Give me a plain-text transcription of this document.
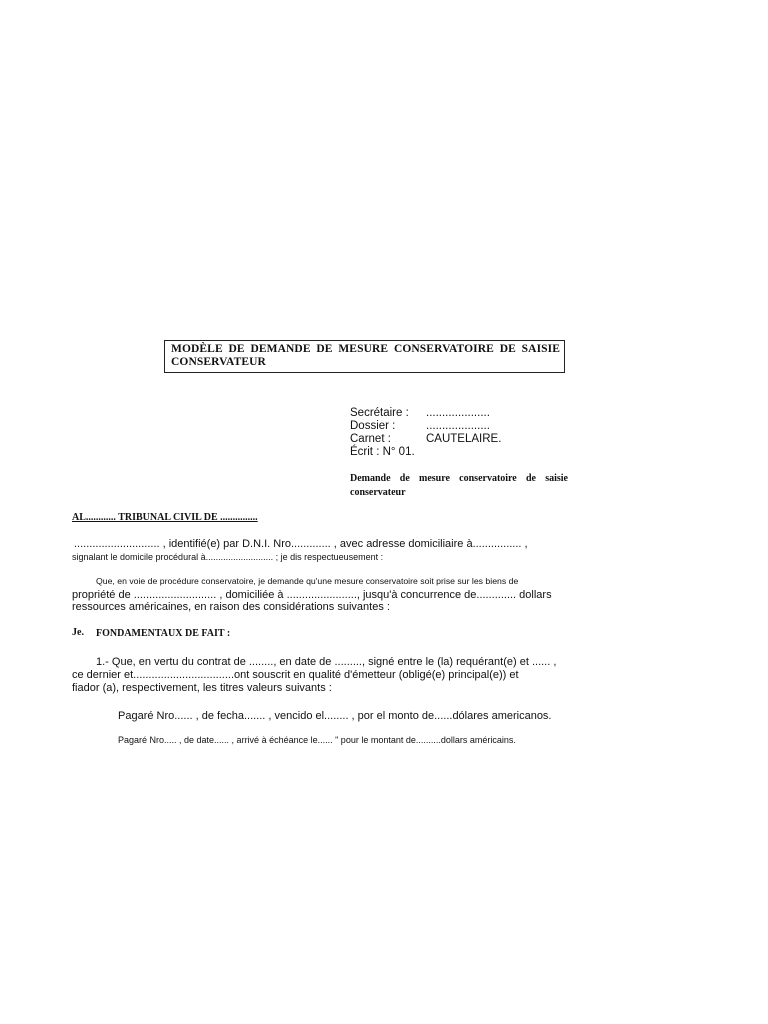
MODÈLE DE DEMANDE DE MESURE CONSERVATOIRE DE SAISIE
CONSERVATEUR
Secrétaire : ....................
Dossier :	....................
Carnet :	CAUTELAIRE.
Écrit : N° 01.
Demande de mesure conservatoire de saisie conservateur
AL............ TRIBUNAL CIVIL DE ...............
............................ , identifié(e) par D.N.I. Nro............. , avec adresse domiciliaire à................ ,
signalant le domicile procédural à........................... ; je dis respectueusement :
Que, en voie de procédure conservatoire, je demande qu'une mesure conservatoire soit prise sur les biens de
propriété de ........................... , domiciliée à ......................., jusqu'à concurrence de............. dollars
ressources américaines, en raison des considérations suivantes :
Je. FONDAMENTAUX DE FAIT :
1.- Que, en vertu du contrat de ........, en date de ........., signé entre le (la) requérant(e) et ...... ,
ce dernier et.................................ont souscrit en qualité d'émetteur (obligé(e) principal(e)) et
fiador (a), respectivement, les titres valeurs suivants :
Pagaré Nro...... , de fecha....... , vencido el........ , por el monto de......dólares americanos.
Pagaré Nro..... , de date...... , arrivé à échéance le...... " pour le montant de..........dollars américains.
